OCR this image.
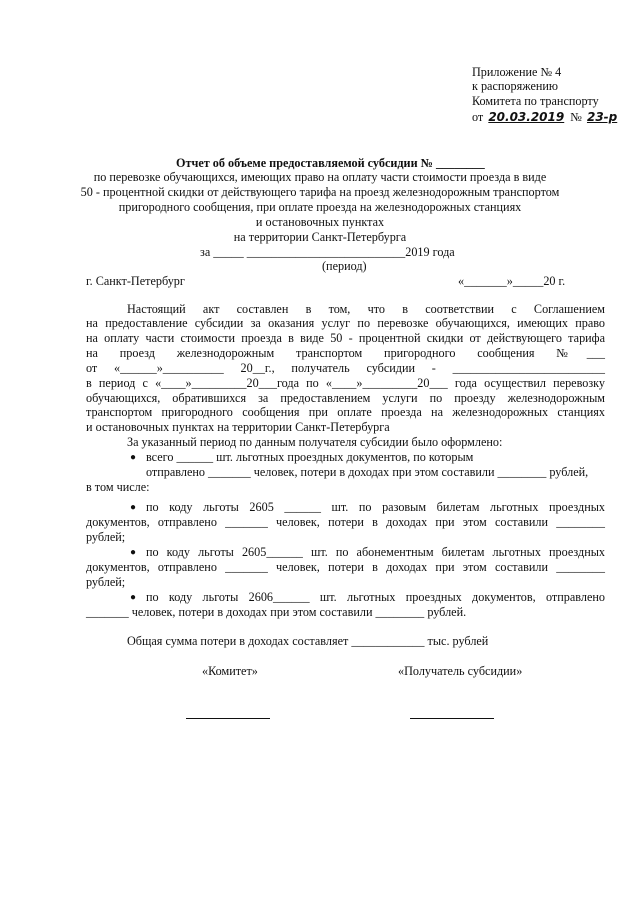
Приложение № 4
к распоряжению
Комитета по транспорту
от 20.03.2019 № 23-р
Отчет об объеме предоставляемой субсидии № ________
по перевозке обучающихся, имеющих право на оплату части стоимости проезда в виде
50 - процентной скидки от действующего тарифа на проезд железнодорожным транспортом
пригородного сообщения, при оплате проезда на железнодорожных станциях
и остановочных пунктах
на территории Санкт-Петербурга
за _____ __________________________2019 года
(период)
г. Санкт-Петербург	«_______»_____20 г.
Настоящий акт составлен в том, что в соответствии с Соглашением
на предоставление субсидии за оказания услуг по перевозке обучающихся, имеющих право
на оплату части стоимости проезда в виде 50 - процентной скидки от действующего тарифа
на проезд железнодорожным транспортом пригородного сообщения №___
от «______»__________ 20__г., получатель субсидии - _________________________
в период с «____»_________20___года по «____»_________20___ года осуществил перевозку
обучающихся, обратившихся за предоставлением услуги по проезду железнодорожным
транспортом пригородного сообщения при оплате проезда на железнодорожных станциях
и остановочных пунктах на территории Санкт-Петербурга
За указанный период по данным получателя субсидии было оформлено:
● всего ______ шт. льготных проездных документов, по которым
отправлено _______ человек, потери в доходах при этом составили ________ рублей,
в том числе:
● по коду льготы 2605 ______ шт. по разовым билетам льготных проездных
документов, отправлено _______ человек, потери в доходах при этом составили ________
рублей;
● по коду льготы 2605______ шт. по абонементным билетам льготных проездных
документов, отправлено _______ человек, потери в доходах при этом составили ________
рублей;
● по коду льготы 2606______ шт. льготных проездных документов, отправлено
_______ человек, потери в доходах при этом составили ________ рублей.
Общая сумма потери в доходах составляет ____________ тыс. рублей
«Комитет»	«Получатель субсидии»
